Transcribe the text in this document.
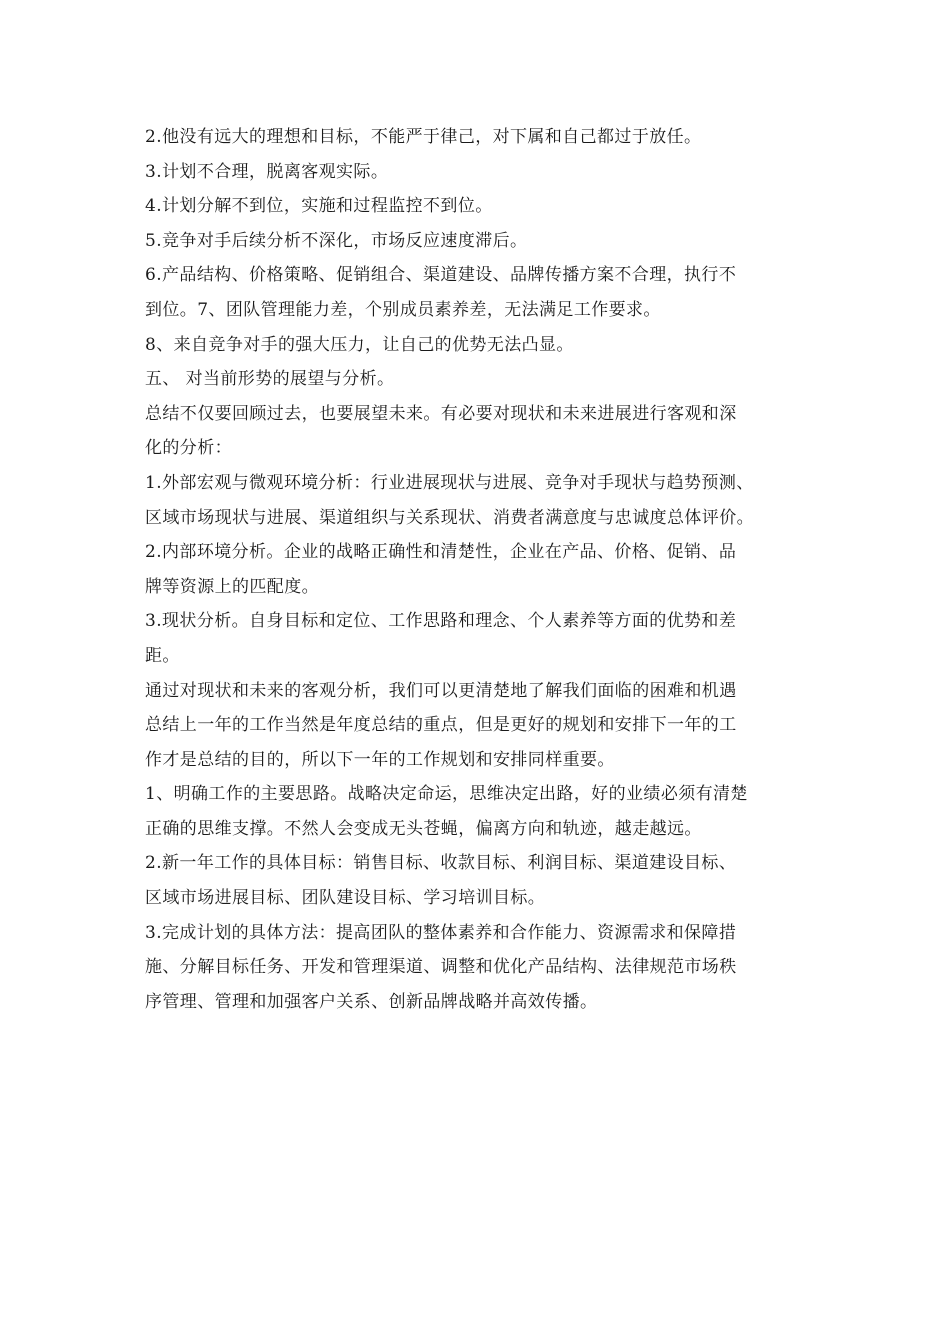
2.他没有远大的理想和目标，不能严于律己，对下属和自己都过于放任。
3.计划不合理，脱离客观实际。
4.计划分解不到位，实施和过程监控不到位。
5.竞争对手后续分析不深化，市场反应速度滞后。
6.产品结构、价格策略、促销组合、渠道建设、品牌传播方案不合理，执行不
到位。7、团队管理能力差，个别成员素养差，无法满足工作要求。
8、来自竞争对手的强大压力，让自己的优势无法凸显。
五、 对当前形势的展望与分析。
总结不仅要回顾过去，也要展望未来。有必要对现状和未来进展进行客观和深
化的分析：
1.外部宏观与微观环境分析：行业进展现状与进展、竞争对手现状与趋势预测、
区域市场现状与进展、渠道组织与关系现状、消费者满意度与忠诚度总体评价。
2.内部环境分析。企业的战略正确性和清楚性，企业在产品、价格、促销、品
牌等资源上的匹配度。
3.现状分析。自身目标和定位、工作思路和理念、个人素养等方面的优势和差
距。
通过对现状和未来的客观分析，我们可以更清楚地了解我们面临的困难和机遇
总结上一年的工作当然是年度总结的重点，但是更好的规划和安排下一年的工
作才是总结的目的，所以下一年的工作规划和安排同样重要。
1、明确工作的主要思路。战略决定命运，思维决定出路，好的业绩必须有清楚
正确的思维支撑。不然人会变成无头苍蝇，偏离方向和轨迹，越走越远。
2.新一年工作的具体目标：销售目标、收款目标、利润目标、渠道建设目标、
区域市场进展目标、团队建设目标、学习培训目标。
3.完成计划的具体方法：提高团队的整体素养和合作能力、资源需求和保障措
施、分解目标任务、开发和管理渠道、调整和优化产品结构、法律规范市场秩
序管理、管理和加强客户关系、创新品牌战略并高效传播。
